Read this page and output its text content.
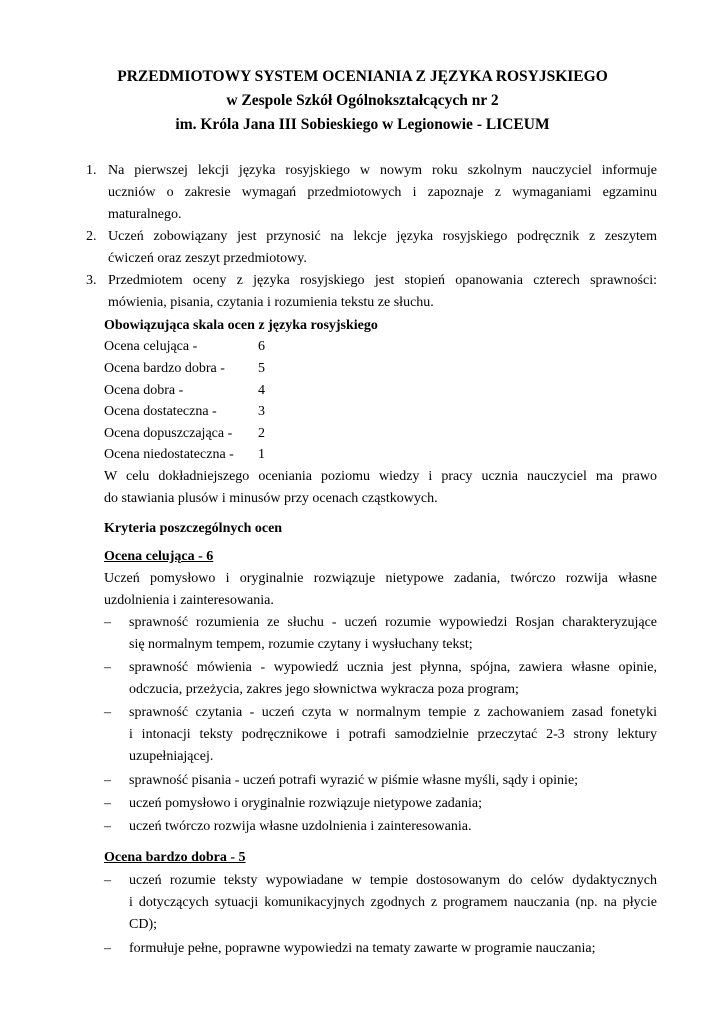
PRZEDMIOTOWY SYSTEM OCENIANIA Z JĘZYKA ROSYJSKIEGO
w Zespole Szkół Ogólnokształcących nr 2
im. Króla Jana III Sobieskiego w Legionowie - LICEUM
1. Na pierwszej lekcji języka rosyjskiego w nowym roku szkolnym nauczyciel informuje
uczniów o zakresie wymagań przedmiotowych i zapoznaje z wymaganiami egzaminu
maturalnego.
2. Uczeń zobowiązany jest przynosić na lekcje języka rosyjskiego podręcznik z zeszytem
ćwiczeń oraz zeszyt przedmiotowy.
3. Przedmiotem oceny z języka rosyjskiego jest stopień opanowania czterech sprawności:
mówienia, pisania, czytania i rozumienia tekstu ze słuchu.
Obowiązująca skala ocen z języka rosyjskiego
Ocena celująca -	6
Ocena bardzo dobra - 5
Ocena dobra -	4
Ocena dostateczna -	3
Ocena dopuszczająca - 2
Ocena niedostateczna - 1
W celu dokładniejszego oceniania poziomu wiedzy i pracy ucznia nauczyciel ma prawo
do stawiania plusów i minusów przy ocenach cząstkowych.
Kryteria poszczególnych ocen
Ocena celująca - 6
Uczeń pomysłowo i oryginalnie rozwiązuje nietypowe zadania, twórczo rozwija własne
uzdolnienia i zainteresowania.
– sprawność rozumienia ze słuchu - uczeń rozumie wypowiedzi Rosjan charakteryzujące
się normalnym tempem, rozumie czytany i wysłuchany tekst;
– sprawność mówienia - wypowiedź ucznia jest płynna, spójna, zawiera własne opinie,
odczucia, przeżycia, zakres jego słownictwa wykracza poza program;
– sprawność czytania - uczeń czyta w normalnym tempie z zachowaniem zasad fonetyki
i intonacji teksty podręcznikowe i potrafi samodzielnie przeczytać 2-3 strony lektury
uzupełniającej.
– sprawność pisania - uczeń potrafi wyrazić w piśmie własne myśli, sądy i opinie;
– uczeń pomysłowo i oryginalnie rozwiązuje nietypowe zadania;
– uczeń twórczo rozwija własne uzdolnienia i zainteresowania.
Ocena bardzo dobra - 5
– uczeń rozumie teksty wypowiadane w tempie dostosowanym do celów dydaktycznych
i dotyczących sytuacji komunikacyjnych zgodnych z programem nauczania (np. na płycie
CD);
– formułuje pełne, poprawne wypowiedzi na tematy zawarte w programie nauczania;
